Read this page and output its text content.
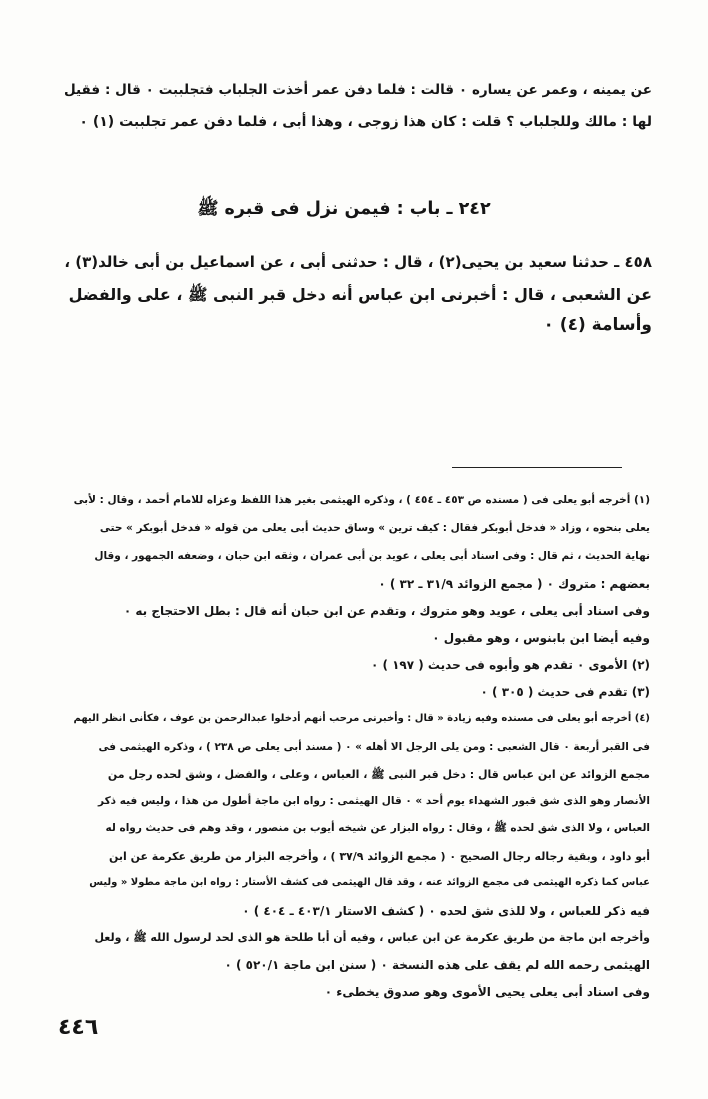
عن يمينه ، وعمر عن يساره ٠ قالت : فلما دفن عمر أخذت الجلباب فتجلببت ٠ قال : فقيل
لها : مالك وللجلباب ؟ قلت : كان هذا زوجى ، وهذا أبى ، فلما دفن عمر تجلببت (١) ٠
٢٤٢ ـ باب : فيمن نزل فى قبره ﷺ
٤٥٨ ـ حدثنا سعيد بن يحيى(٢) ، قال : حدثنى أبى ، عن اسماعيل بن أبى خالد(٣) ،
عن الشعبى ، قال : أخبرنى ابن عباس أنه دخل قبر النبى ﷺ ، على والفضل
وأسامة (٤) ٠
(١) أخرجه أبو يعلى فى ( مسنده ص ٤٥٣ ـ ٤٥٤ ) ، وذكره الهيثمى بغير هذا اللفظ وعزاه للامام أحمد ، وقال : لأبى
يعلى بنحوه ، وزاد « فدخل أبوبكر فقال : كيف ترين » وساق حديث أبى يعلى من قوله « فدخل أبوبكر » حتى
نهاية الحديث ، ثم قال : وفى اسناد أبى يعلى ، عويد بن أبى عمران ، وثقه ابن حبان ، وضعفه الجمهور ، وقال
بعضهم : متروك ٠ ( مجمع الزوائد ٣١/٩ ـ ٣٢ ) ٠
وفى اسناد أبى يعلى ، عويد وهو متروك ، وتقدم عن ابن حبان أنه قال : بطل الاحتجاج به ٠
وفيه أيضا ابن بابنوس ، وهو مقبول ٠
(٢) الأموى ٠ تقدم هو وأبوه فى حديث ( ١٩٧ ) ٠
(٣) تقدم فى حديث ( ٣٠٥ ) ٠
(٤) أخرجه أبو يعلى فى مسنده وفيه زيادة « قال : وأخبرنى مرحب أنهم أدخلوا عبدالرحمن بن عوف ، فكأنى انظر اليهم
فى القبر أربعة ٠ قال الشعبى : ومن يلى الرجل الا أهله » ٠ ( مسند أبى يعلى ص ٢٣٨ ) ، وذكره الهيثمى فى
مجمع الزوائد عن ابن عباس قال : دخل قبر النبى ﷺ ، العباس ، وعلى ، والفضل ، وشق لحده رجل من
الأنصار وهو الذى شق قبور الشهداء يوم أحد » ٠ قال الهيثمى : رواه ابن ماجة أطول من هذا ، وليس فيه ذكر
العباس ، ولا الذى شق لحده ﷺ ، وقال : رواه البزار عن شيخه أيوب بن منصور ، وقد وهم فى حديث رواه له
أبو داود ، وبقية رجاله رجال الصحيح ٠ ( مجمع الزوائد ٣٧/٩ ) ، وأخرجه البزار من طريق عكرمة عن ابن
عباس كما ذكره الهيثمى فى مجمع الزوائد عنه ، وقد قال الهيثمى فى كشف الأستار : رواه ابن ماجة مطولا « وليس
فيه ذكر للعباس ، ولا للذى شق لحده ٠ ( كشف الاستار ٤٠٣/١ ـ ٤٠٤ ) ٠
وأخرجه ابن ماجة من طريق عكرمة عن ابن عباس ، وفيه أن أبا طلحة هو الذى لحد لرسول الله ﷺ ، ولعل
الهيثمى رحمه الله لم يقف على هذه النسخة ٠ ( سنن ابن ماجة ٥٢٠/١ ) ٠
وفى اسناد أبى يعلى يحيى الأموى وهو صدوق يخطىء ٠
٤٤٦
